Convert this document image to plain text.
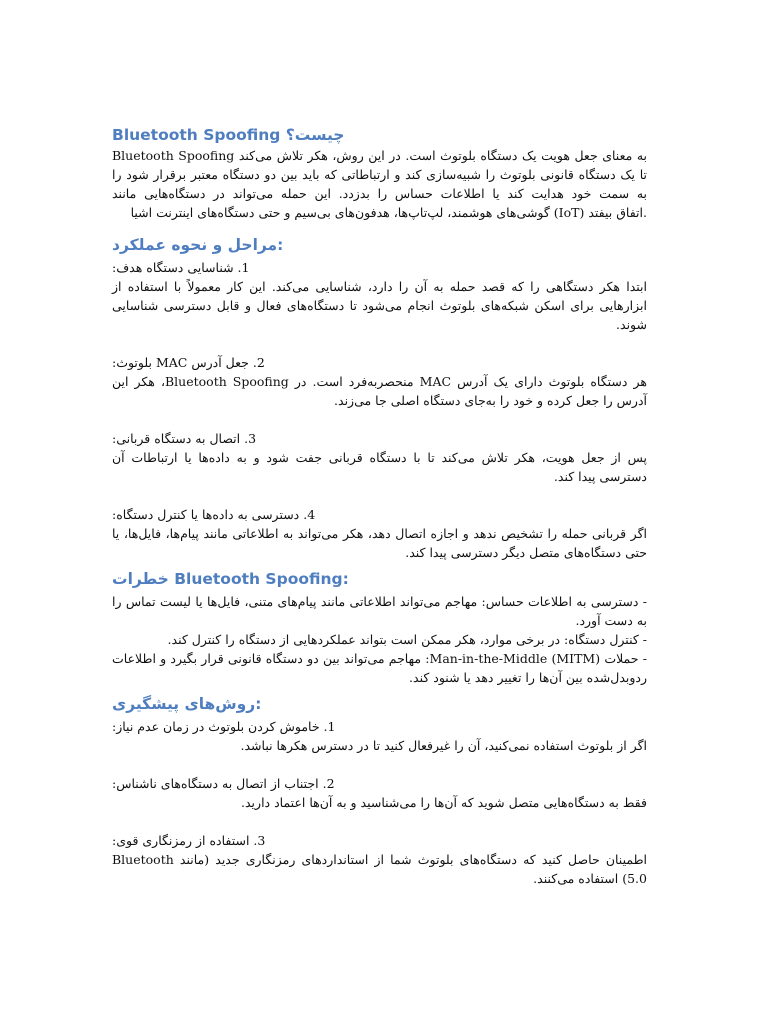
Bluetooth Spoofing چیست؟

Bluetooth Spoofing به معنای جعل هویت یک دستگاه بلوتوث است. در این روش، هکر تلاش می‌کند تا یک دستگاه قانونی بلوتوث را شبیه‌سازی کند و ارتباطاتی که باید بین دو دستگاه معتبر برقرار شود را به سمت خود هدایت کند یا اطلاعات حساس را بدزدد. این حمله می‌تواند در دستگاه‌هایی مانند گوشی‌های هوشمند، لپ‌تاپ‌ها، هدفون‌های بی‌سیم و حتی دستگاه‌های اینترنت اشیا (IoT) اتفاق بیفتد.

مراحل و نحوه عملکرد:

1. شناسایی دستگاه هدف:

ابتدا هکر دستگاهی را که قصد حمله به آن را دارد، شناسایی می‌کند. این کار معمولاً با استفاده از ابزارهایی برای اسکن شبکه‌های بلوتوث انجام می‌شود تا دستگاه‌های فعال و قابل دسترسی شناسایی شوند.

2. جعل آدرس MAC بلوتوث:

هر دستگاه بلوتوث دارای یک آدرس MAC منحصربه‌فرد است. در Bluetooth Spoofing، هکر این آدرس را جعل کرده و خود را به‌جای دستگاه اصلی جا می‌زند.

3. اتصال به دستگاه قربانی:

پس از جعل هویت، هکر تلاش می‌کند تا با دستگاه قربانی جفت شود و به داده‌ها یا ارتباطات آن دسترسی پیدا کند.

4. دسترسی به داده‌ها یا کنترل دستگاه:

اگر قربانی حمله را تشخیص ندهد و اجازه اتصال دهد، هکر می‌تواند به اطلاعاتی مانند پیام‌ها، فایل‌ها، یا حتی دستگاه‌های متصل دیگر دسترسی پیدا کند.

خطرات Bluetooth Spoofing:

- دسترسی به اطلاعات حساس: مهاجم می‌تواند اطلاعاتی مانند پیام‌های متنی، فایل‌ها یا لیست تماس را به دست آورد.

- کنترل دستگاه: در برخی موارد، هکر ممکن است بتواند عملکردهایی از دستگاه را کنترل کند.

- حملات Man-in-the-Middle (MITM): مهاجم می‌تواند بین دو دستگاه قانونی قرار بگیرد و اطلاعات ردوبدل‌شده بین آن‌ها را تغییر دهد یا شنود کند.

روش‌های پیشگیری:

1. خاموش کردن بلوتوث در زمان عدم نیاز:

اگر از بلوتوث استفاده نمی‌کنید، آن را غیرفعال کنید تا در دسترس هکرها نباشد.

2. اجتناب از اتصال به دستگاه‌های ناشناس:

فقط به دستگاه‌هایی متصل شوید که آن‌ها را می‌شناسید و به آن‌ها اعتماد دارید.

3. استفاده از رمزنگاری قوی:

اطمینان حاصل کنید که دستگاه‌های بلوتوث شما از استانداردهای رمزنگاری جدید (مانند Bluetooth 5.0) استفاده می‌کنند.
